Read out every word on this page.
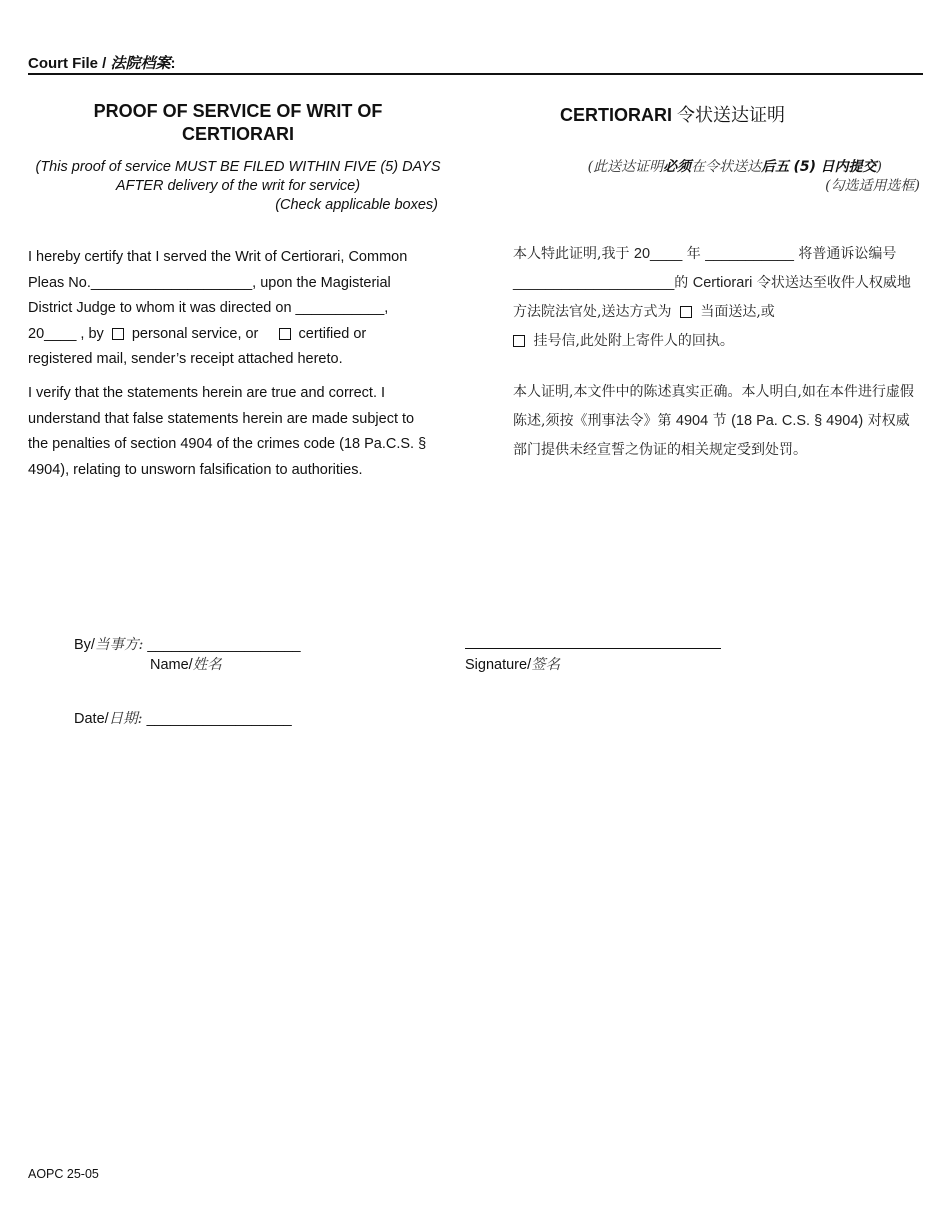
Court File / 法院档案:
PROOF OF SERVICE OF WRIT OF CERTIORARI
(This proof of service MUST BE FILED WITHIN FIVE (5) DAYS AFTER delivery of the writ for service)
(Check applicable boxes)
I hereby certify that I served the Writ of Certiorari, Common Pleas No.____________________, upon the Magisterial District Judge to whom it was directed on ___________, 20____ , by personal service, or	certified or registered mail, sender’s receipt attached hereto.
I verify that the statements herein are true and correct. I understand that false statements herein are made subject to the penalties of section 4904 of the crimes code (18 Pa.C.S. § 4904), relating to unsworn falsification to authorities.
CERTIORARI 令状送达证明
(此送达证明必须在令状送达后五 (5) 日内提交)
(勾选适用选框)
本人特此证明,我于 20____ 年 ___________ 将普通诉讼编号 ____________________的 Certiorari 令状送达至收件人权威地方法院法官处,送达方式为 当面送达,或
挂号信,此处附上寄件人的回执。
本人证明,本文件中的陈述真实正确。本人明白,如在本件进行虚假陈述,须按《刑事法令》第 4904 节 (18 Pa. C.S. § 4904) 对权威部门提供未经宣誓之伪证的相关规定受到处罚。
By/当事方: ___________________
Name/姓名	Signature/签名
Date/日期: __________________
AOPC 25-05
